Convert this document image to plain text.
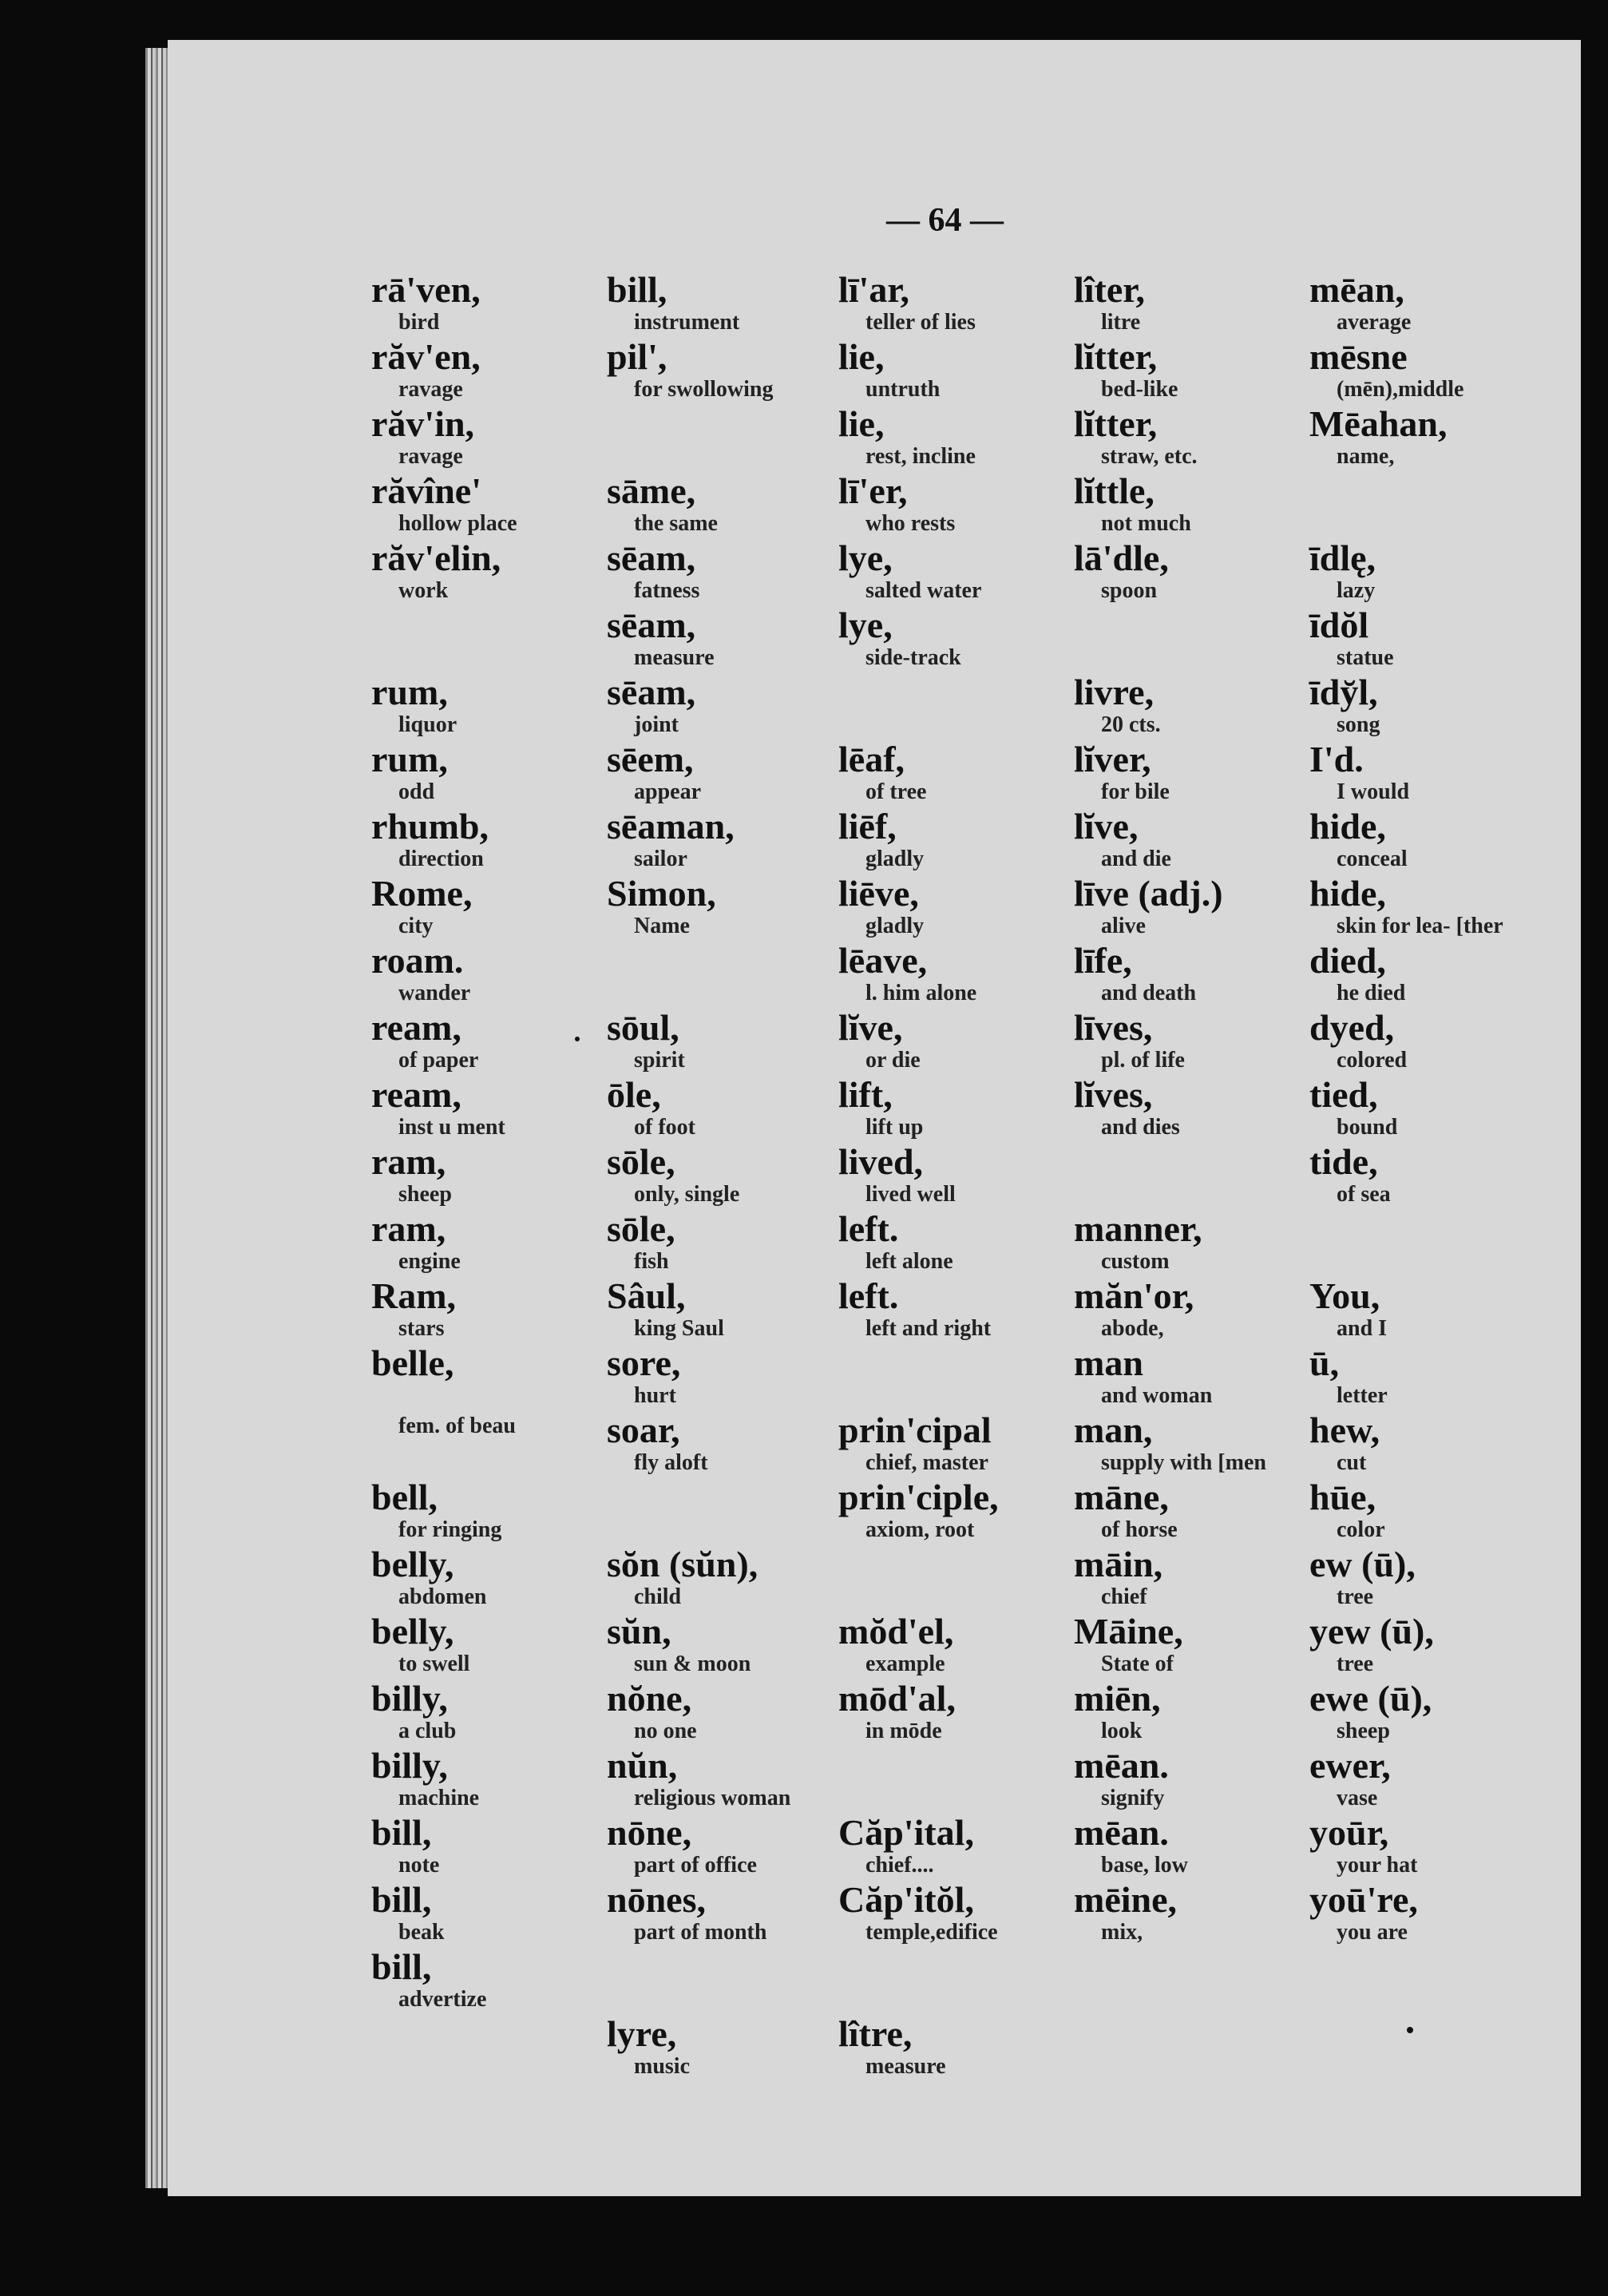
— 64 —
rā'ven,
bird
răv'en,
ravage
răv'in,
ravage
răvîne'
hollow place
răv'elin,
work
rum,
liquor
rum,
odd
rhumb,
direction
Rome,
city
roam.
wander
ream,
of paper
ream,
inst u ment
ram,
sheep
ram,
engine
Ram,
stars
belle,
fem. of beau
bell,
for ringing
belly,
abdomen
belly,
to swell
billy,
a club
billy,
machine
bill,
note
bill,
beak
bill,
advertize
bill,
instrument
pil',
for swollowing
sāme,
the same
sēam,
fatness
sēam,
measure
sēam,
joint
sēem,
appear
sēaman,
sailor
Simon,
Name
sōul,
spirit
ōle,
of foot
sōle,
only, single
sōle,
fish
Sâul,
king Saul
sore,
hurt
soar,
fly aloft
sŏn (sŭn),
child
sŭn,
sun & moon
nŏne,
no one
nŭn,
religious woman
nōne,
part of office
nōnes,
part of month
lyre,
music
lī'ar,
teller of lies
lie,
untruth
lie,
rest, incline
lī'er,
who rests
lye,
salted water
lye,
side-track
lēaf,
of tree
liēf,
gladly
liēve,
gladly
lēave,
l. him alone
lĭve,
or die
lift,
lift up
lived,
lived well
left.
left alone
left.
left and right
prin'cipal
chief, master
prin'ciple,
axiom, root
mŏd'el,
example
mōd'al,
in mōde
Căp'ital,
chief....
Căp'itŏl,
temple,edifice
lître,
measure
lîter,
litre
lĭtter,
bed-like
lĭtter,
straw, etc.
lĭttle,
not much
lā'dle,
spoon
livre,
20 cts.
lĭver,
for bile
lĭve,
and die
līve (adj.)
alive
līfe,
and death
līves,
pl. of life
lĭves,
and dies
manner,
custom
măn'or,
abode,
man
and woman
man,
supply with [men
māne,
of horse
māin,
chief
Māine,
State of
miēn,
look
mēan.
signify
mēan.
base, low
mēine,
mix,
mēan,
average
mēsne
(mēn),middle
Mēahan,
name,
īdlę,
lazy
īdŏl
statue
īdy̆l,
song
I'd.
I would
hide,
conceal
hide,
skin for lea- [ther
died,
he died
dyed,
colored
tied,
bound
tide,
of sea
You,
and I
ū,
letter
hew,
cut
hūe,
color
ew (ū),
tree
yew (ū),
tree
ewe (ū),
sheep
ewer,
vase
yoūr,
your hat
yoū're,
you are
